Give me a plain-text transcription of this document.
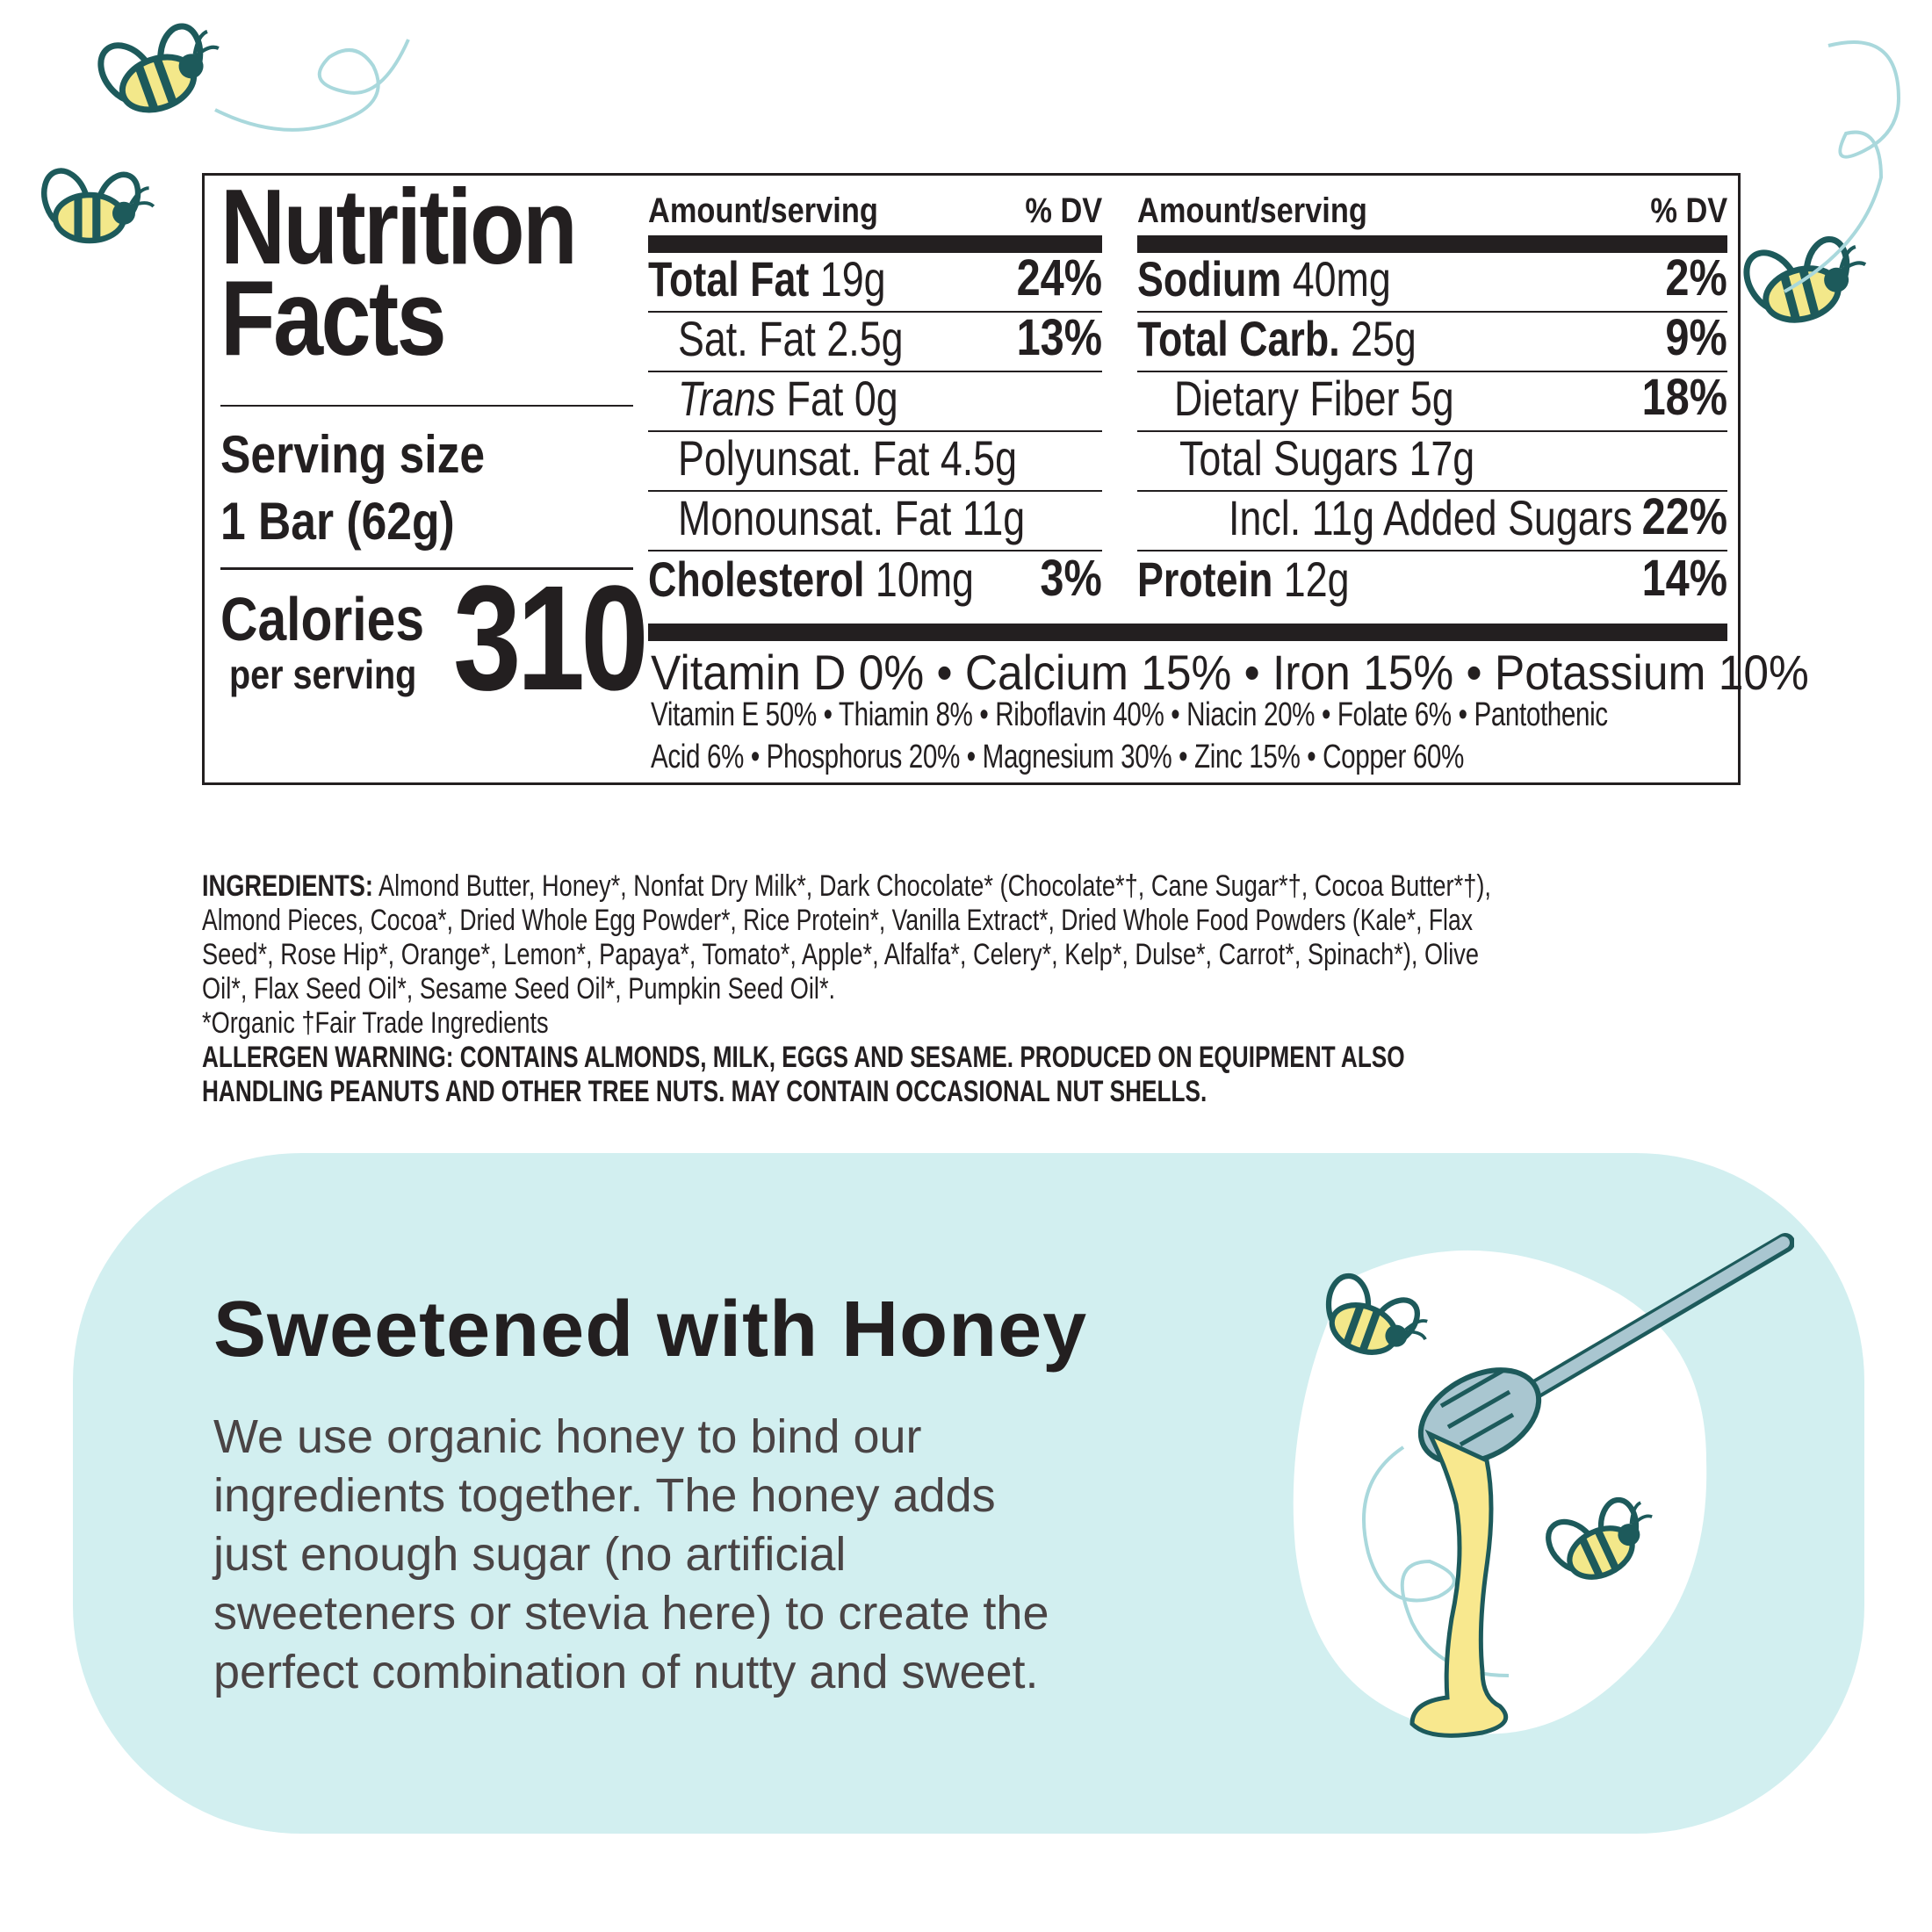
Nutrition
Facts
Serving size
1 Bar (62g)
Calories
per serving 310
Amount/serving	% DV
Total Fat 19g	24%
Sat. Fat 2.5g 13%
Trans Fat 0g
Polyunsat. Fat 4.5g
Monounsat. Fat 11g
Cholesterol 10mg 3%
Amount/serving	% DV
Sodium 40mg	2%
Total Carb. 25g	9%
Dietary Fiber 5g	18%
Total Sugars 17g
Incl. 11g Added Sugars 22%
Protein 12g	14%
Vitamin D 0% • Calcium 15% • Iron 15% • Potassium 10%
Vitamin E 50% • Thiamin 8% • Riboflavin 40% • Niacin 20% • Folate 6% • Pantothenic
Acid 6% • Phosphorus 20% • Magnesium 30% • Zinc 15% • Copper 60%
INGREDIENTS: Almond Butter, Honey*, Nonfat Dry Milk*, Dark Chocolate* (Chocolate*†, Cane Sugar*†, Cocoa Butter*†),
Almond Pieces, Cocoa*, Dried Whole Egg Powder*, Rice Protein*, Vanilla Extract*, Dried Whole Food Powders (Kale*, Flax
Seed*, Rose Hip*, Orange*, Lemon*, Papaya*, Tomato*, Apple*, Alfalfa*, Celery*, Kelp*, Dulse*, Carrot*, Spinach*), Olive
Oil*, Flax Seed Oil*, Sesame Seed Oil*, Pumpkin Seed Oil*.
*Organic †Fair Trade Ingredients
ALLERGEN WARNING: CONTAINS ALMONDS, MILK, EGGS AND SESAME. PRODUCED ON EQUIPMENT ALSO
HANDLING PEANUTS AND OTHER TREE NUTS. MAY CONTAIN OCCASIONAL NUT SHELLS.
Sweetened with Honey
We use organic honey to bind our
ingredients together. The honey adds
just enough sugar (no artificial
sweeteners or stevia here) to create the
perfect combination of nutty and sweet.
